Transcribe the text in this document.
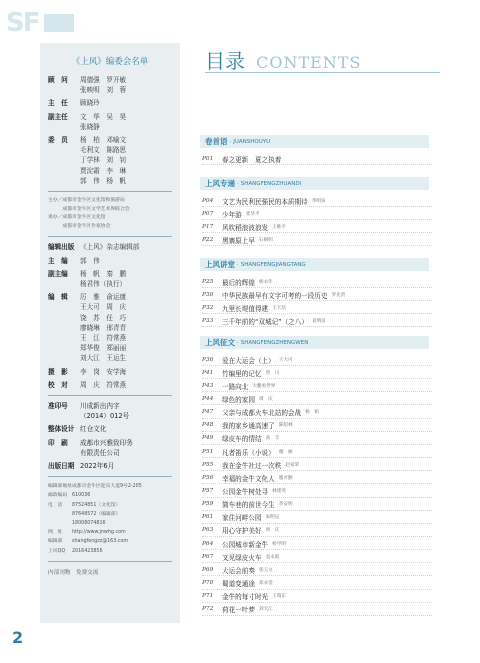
SF
《上风》编委会名单
顾　问	周德强　罗开敏
张映明　刘　蓉
主　任	顾晓玲
副主任	文　华　吴　昊
张晓静
委　员	杨　柏　邓喻文
毛利文　陈路思
丁学林　刘　钊
贾淀霜　李　琳
郭　伟　杨　帆
主办／成都市金牛区文化馆和旅游局
　　　成都市金牛区文学艺术界联合会
承办／成都市金牛区文化馆
　　　成都市金牛区作家协会
编辑出版 《上风》杂志编辑部
主　编	郭　伟
副主编	杨　帆　秦　鹏
杨君伟（执行）
编　辑	厉　雅　俞运康
王大可　周　庆
饶　苏　任　巧
廖晓琳　邢青青
王　江　符常燕
郑华俊　郑丽丽
刘大江　王运生
摄　影	李　岗　安学海
校　对	周　庆　符常燕
准印号	川成新出内字
（2014）012号
整体设计 红仓文化
印　刷	成都市兴雅致印务
有限责任公司
出版日期 2022年6月
编辑部地址 成都市金牛区迎宾大道9号2-205
邮政编码 610036
电　话	87524851（文化馆）
87648572（编辑部）
18008074816
网　址	http://www.jnwhg.com
编辑部	shangfengzz@163.com
上风QQ	2016423856
内部刊物　免费交流
目录 CONTENTS
卷首语 · JUANSHOUYU
P01	春之更新　夏之执着
上风专递 · SHANGFENGZHUANDI
P04	文艺为民利民强民的本质期待 李明泉
P07	少年游 麦华平
P17	风吹稻浪波浪发 王维平
P22	黑寨原上早 石朝明
上风讲堂 · SHANGFENGJIANGTANG
P25	最后的辉煌 杨永年
P30	中华民族最早有文字可考的一段历史 罗先贵
P32	九里长堤值得建 王天培
P33	三千年前的“双城记”（之八） 袁明彦
上风征文 · SHANGFENGZHENGWEN
P36	爱在大运会（上） 王大可
P41	竹编里的记忆 管　川
P43	一路向北 大鹏看世界
P44	绿色的家园 周　庆
P47	父亲与成都火车北站的会战 杨　柏
P48	我的家乡通高速了 陈绍林
P49	绿皮车的情结 高　丰
P51	凡者笛乐（小说） 谢　丽
P55	我在金牛社过一次秩 赵家荣
P56	幸福的金牛文化人 廖可勤
P57	公园金牛树处寻 林建英
P59	简车巷的前世今生 李安明
P61	家住河畔公园 朱明兄
P63	用心守护美好 周　庆
P64	公园城市新金牛 杨学明
P67	又见绿皮火车 袁永珉
P69	大运会前奏 张玉文
P70	蜀道变通途 邓永金
P71	金牛的每寸时光 王瑞东
P72	荷花一叶梦 刘天江
2
